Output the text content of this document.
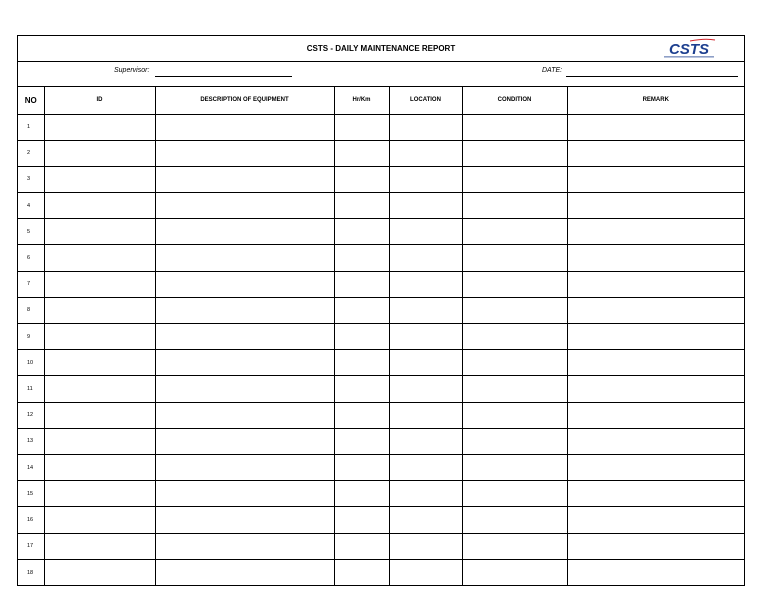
CSTS - DAILY MAINTENANCE REPORT	CSTS
Supervisor:	DATE:
NO	ID	DESCRIPTION OF EQUIPMENT	Hr/Km	LOCATION	CONDITION	REMARK
1						
2						
3						
4						
5						
6						
7						
8						
9						
10						
11						
12						
13						
14						
15						
16						
17						
18						
